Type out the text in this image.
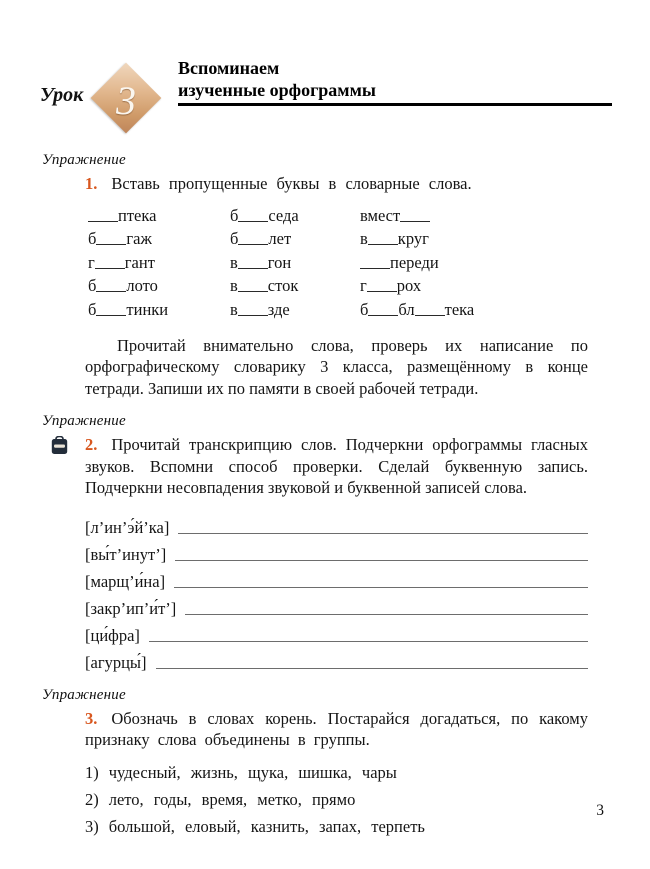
Урок 3
Вспоминаем
изученные орфограммы
Упражнение

1. Вставь пропущенные буквы в словарные слова.

птека	б седа	вмест
б гаж	б лет	в круг
г гант	в гон	переди
б лото	в сток	г рох
б тинки	в зде	б бл тека

Прочитай внимательно слова, проверь их написание по орфографическому словарику 3 класса, размещённому в конце тетради. Запиши их по памяти в своей рабочей тетради.

Упражнение

2. Прочитай транскрипцию слов. Подчеркни орфограммы гласных звуков. Вспомни способ проверки. Сделай буквенную запись. Подчеркни несовпадения звуковой и буквенной записей слова.

[л’ин’э́й’ка]
[вы́т’инут’]
[марщ’и́на]
[закр’ип’и́т’]
[ци́фра]
[агурцы́]
Упражнение

3. Обозначь в словах корень. Постарайся догадаться, по какому признаку слова объединены в группы.

1) чудесный, жизнь, щука, шишка, чары
2) лето, годы, время, метко, прямо
3) большой, еловый, казнить, запах, терпеть
3
